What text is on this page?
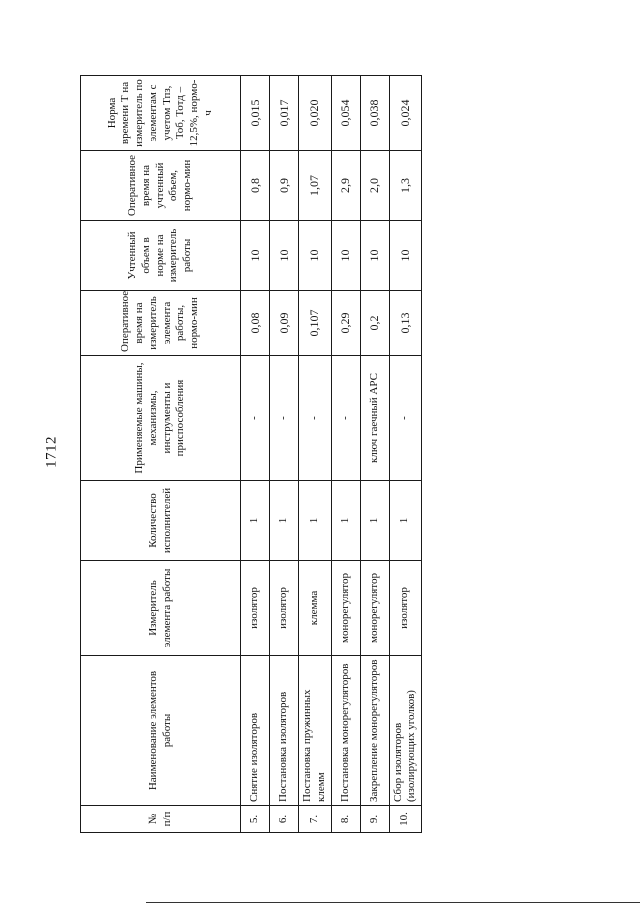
1712
№ п/п	Наименование элементов работы	Измеритель элемента работы	Количество исполнителей	Применяемые машины, механизмы, инструменты и приспособления	Оперативное время на измеритель элемента работы, нормо-мин	Учтенный объем в норме на измеритель работы	Оперативное время на учтенный объем, нормо-мин	Норма времени Т на измеритель по элементам с учетом Тпз, Тоб, Тотд – 12,5%, нормо-ч
5.	Снятие изоляторов	изолятор	1	-	0,08	10	0,8	0,015
6.	Постановка изоляторов	изолятор	1	-	0,09	10	0,9	0,017
7.	Постановка пружинных клемм	клемма	1	-	0,107	10	1,07	0,020
8.	Постановка монорегуляторов	монорегулятор	1	-	0,29	10	2,9	0,054
9.	Закрепление монорегуляторов	монорегулятор	1	ключ гаечный АРС	0,2	10	2,0	0,038
10.	Сбор изоляторов (изолирующих уголков)	изолятор	1	-	0,13	10	1,3	0,024
